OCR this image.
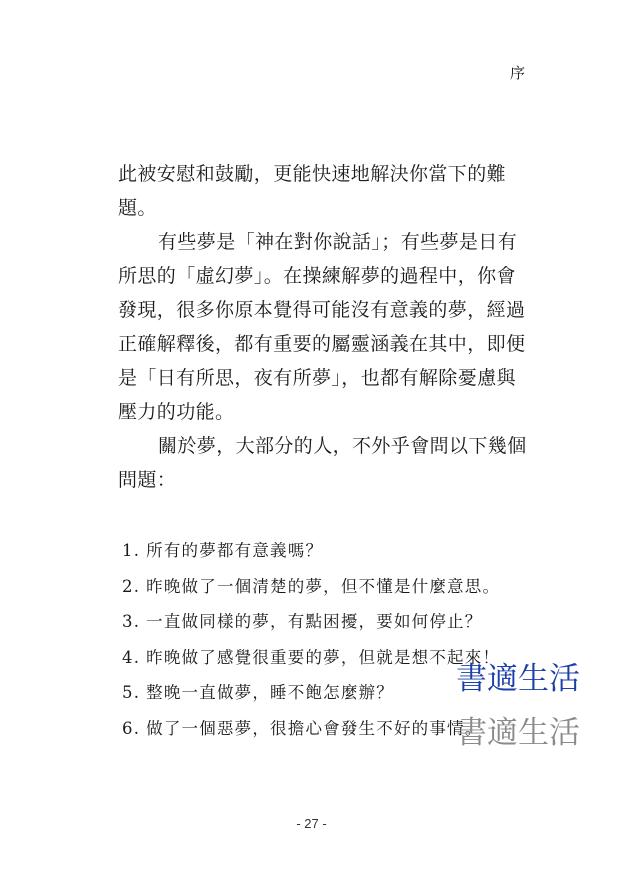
序
此被安慰和鼓勵，更能快速地解決你當下的難
題。
有些夢是「神在對你說話」；有些夢是日有
所思的「虛幻夢」。在操練解夢的過程中，你會
發現，很多你原本覺得可能沒有意義的夢，經過
正確解釋後，都有重要的屬靈涵義在其中，即便
是「日有所思，夜有所夢」，也都有解除憂慮與
壓力的功能。
關於夢，大部分的人，不外乎會問以下幾個
問題：
1. 所有的夢都有意義嗎？
2. 昨晚做了一個清楚的夢，但不懂是什麼意思。
3. 一直做同樣的夢，有點困擾，要如何停止？
4. 昨晚做了感覺很重要的夢，但就是想不起來！
5. 整晚一直做夢，睡不飽怎麼辦？
6. 做了一個惡夢，很擔心會發生不好的事情。
書適生活
書適生活
- 27 -
